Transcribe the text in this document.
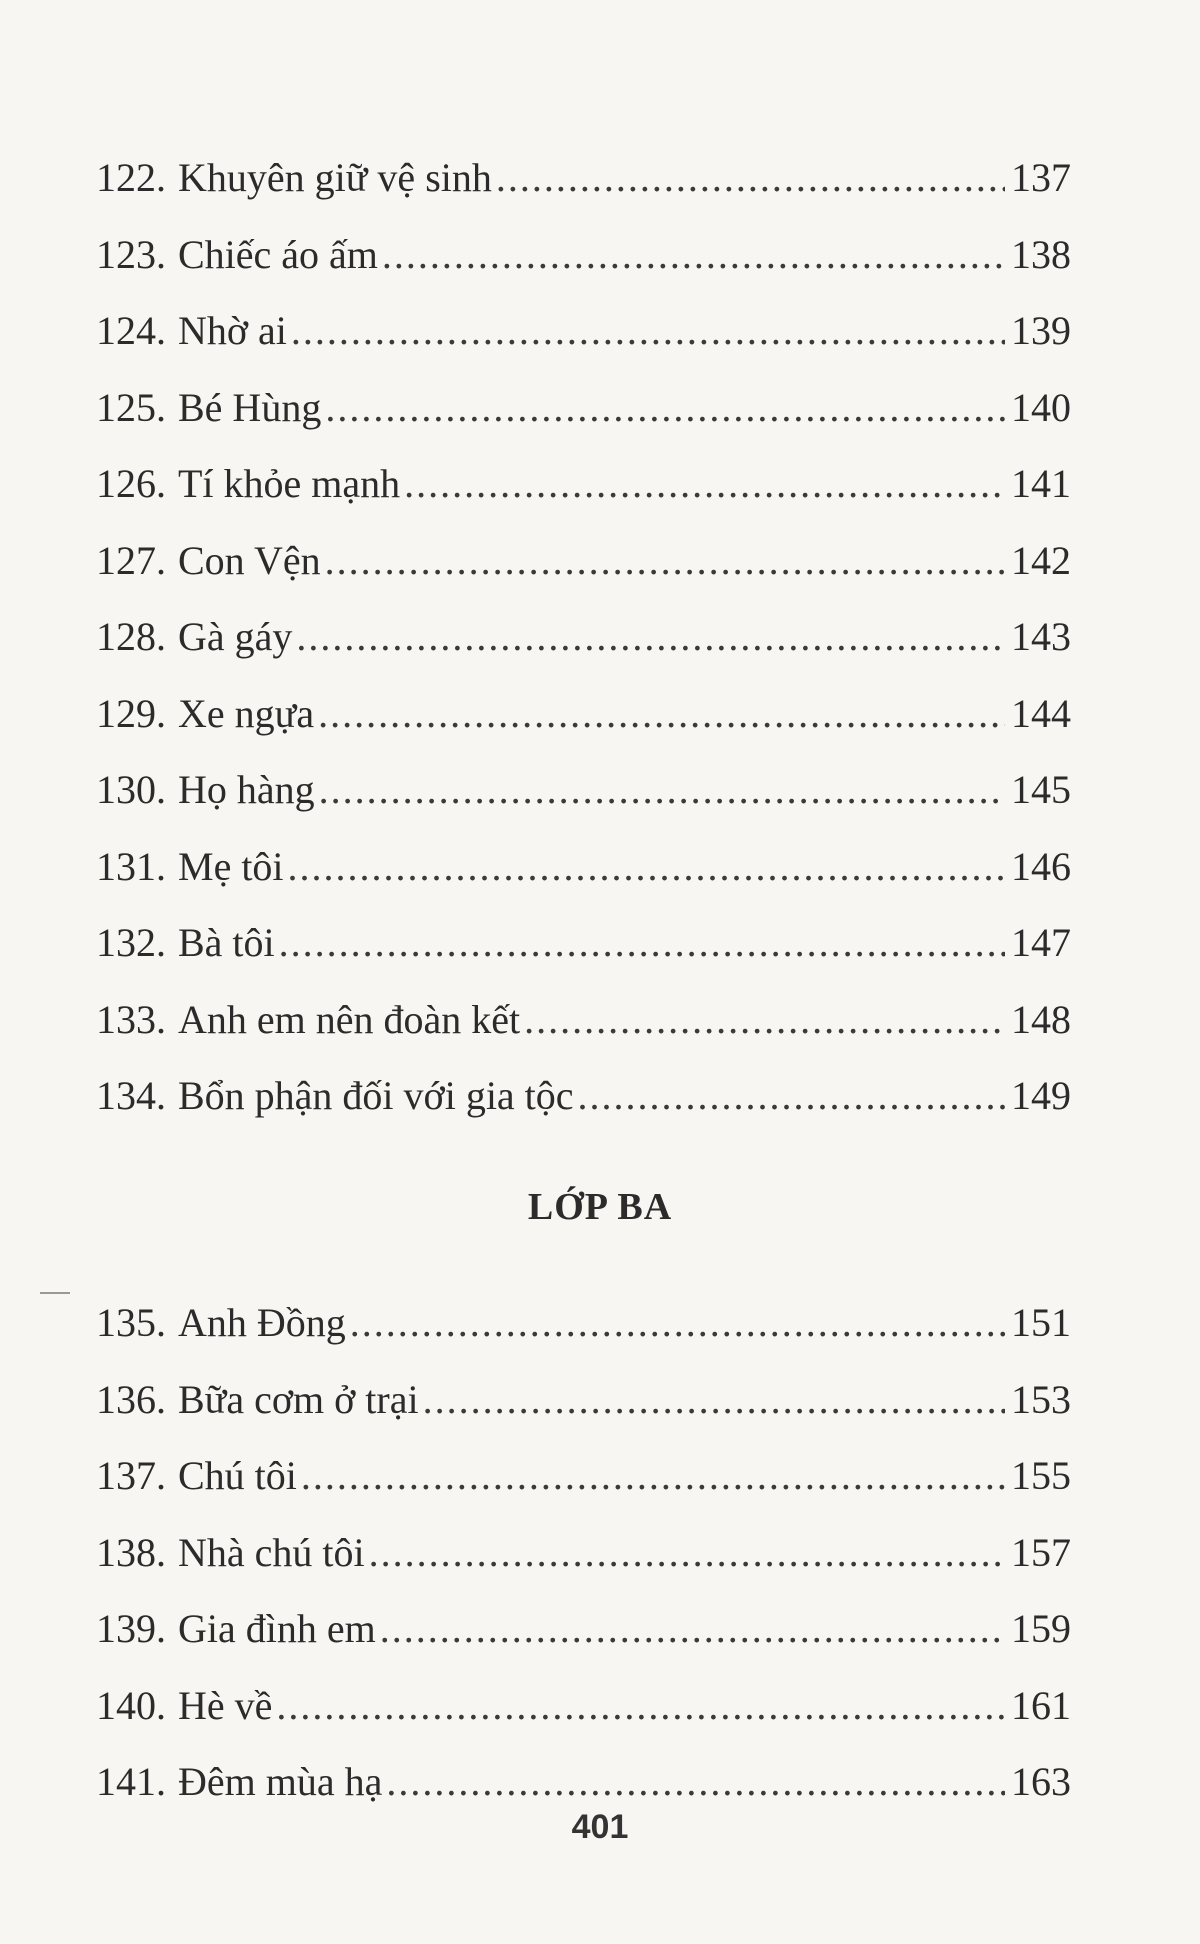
122. Khuyên giữ vệ sinh .....	137
123. Chiếc áo ấm .....	138
124. Nhờ ai .....	139
125. Bé Hùng .....	140
126. Tí khỏe mạnh .....	141
127. Con Vện .....	142
128. Gà gáy .....	143
129. Xe ngựa .....	144
130. Họ hàng .....	145
131. Mẹ tôi .....	146
132. Bà tôi .....	147
133. Anh em nên đoàn kết .....	148
134. Bổn phận đối với gia tộc .....	149
LỚP BA
135. Anh Đồng .....	151
136. Bữa cơm ở trại .....	153
137. Chú tôi .....	155
138. Nhà chú tôi .....	157
139. Gia đình em .....	159
140. Hè về .....	161
141. Đêm mùa hạ .....	163
401
